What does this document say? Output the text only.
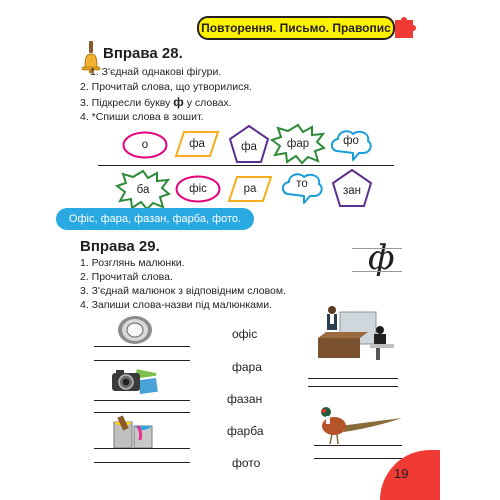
Повторення. Письмо. Правопис
Вправа 28.
1. З'єднай однакові фігури.
2. Прочитай слова, що утворилися.
3. Підкресли букву ф у словах.
4. *Спиши слова в зошит.
о	фа	фа	фар	фо
ба	фіс	ра	то
зан
Офіс, фара, фазан, фарба, фото.
Вправа 29.	ф
1. Розглянь малюнки.
2. Прочитай слова.
3. З'єднай малюнок з відповідним словом.
4. Запиши слова-назви під малюнками.
офіс
фара
фазан
фарба
фото
19
